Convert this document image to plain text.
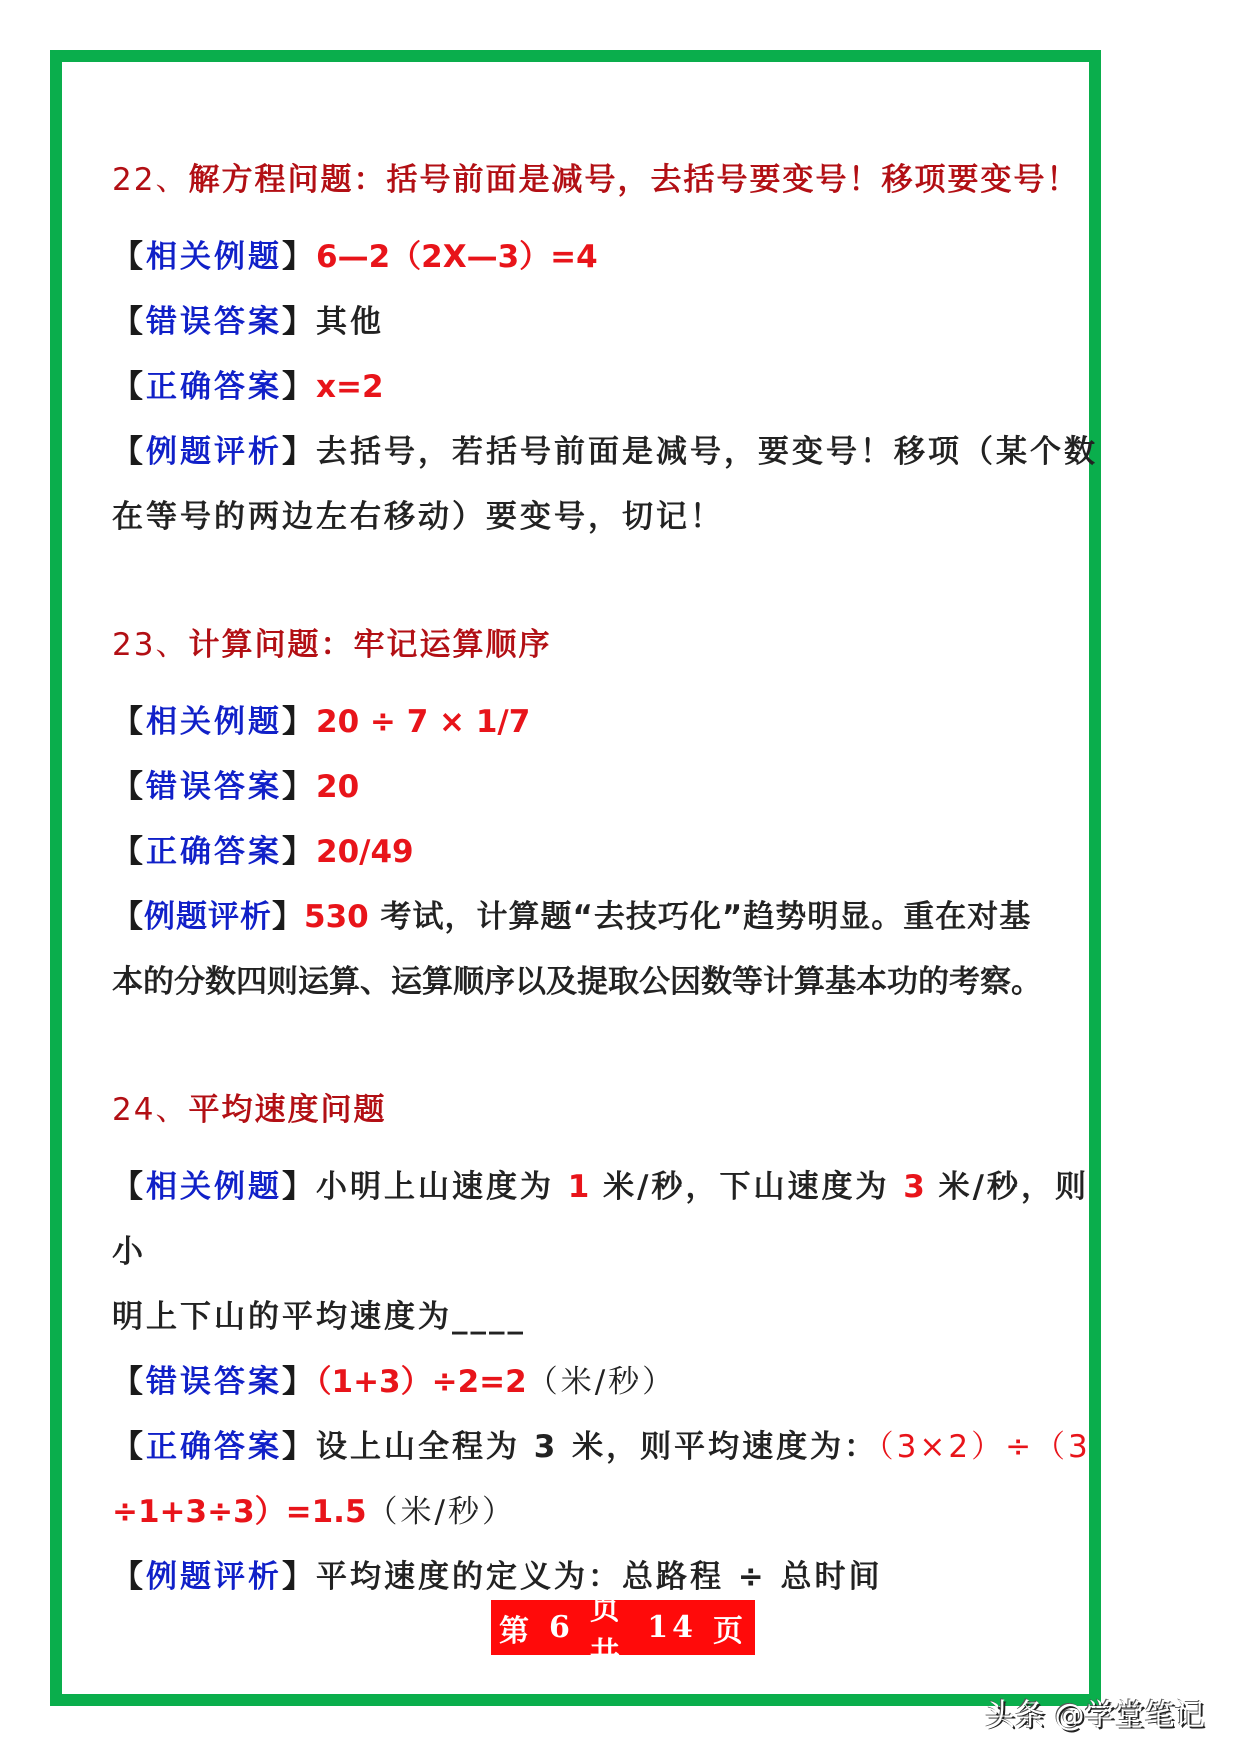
22、解方程问题：括号前面是减号，去括号要变号！移项要变号！
【相关例题】6—2（2X—3）=4
【错误答案】其他
【正确答案】x=2
【例题评析】去括号，若括号前面是减号，要变号！移项（某个数
在等号的两边左右移动）要变号，切记！
23、计算问题：牢记运算顺序
【相关例题】20 ÷ 7 × 1/7
【错误答案】20
【正确答案】20/49
【例题评析】530 考试，计算题“去技巧化”趋势明显。重在对基
本的分数四则运算、运算顺序以及提取公因数等计算基本功的考察。
24、平均速度问题
【相关例题】小明上山速度为 1 米/秒，下山速度为 3 米/秒，则小
明上下山的平均速度为____
【错误答案】（1+3）÷2=2（米/秒）
【正确答案】设上山全程为 3 米，则平均速度为：（3×2）÷（3
÷1+3÷3）=1.5（米/秒）
【例题评析】平均速度的定义为：总路程 ÷ 总时间
第 6
页 共
14 页
头条 @学堂笔记
